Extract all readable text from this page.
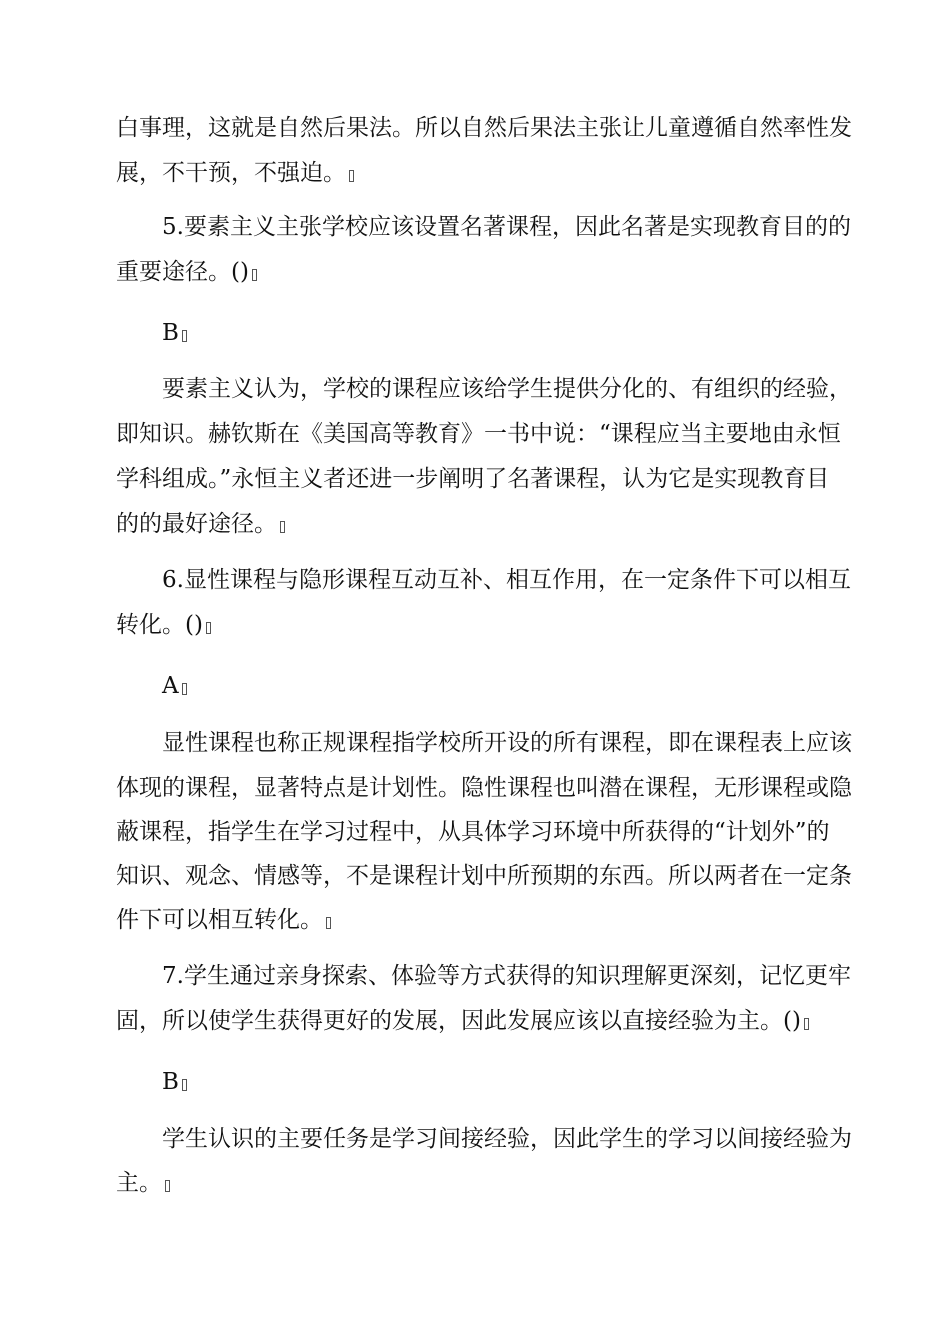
白事理，这就是自然后果法。所以自然后果法主张让儿童遵循自然率性发
展，不干预，不强迫。
5.要素主义主张学校应该设置名著课程，因此名著是实现教育目的的
重要途径。()
B
要素主义认为，学校的课程应该给学生提供分化的、有组织的经验，
即知识。赫钦斯在《美国高等教育》一书中说：“课程应当主要地由永恒
学科组成。”永恒主义者还进一步阐明了名著课程，认为它是实现教育目
的的最好途径。
6.显性课程与隐形课程互动互补、相互作用，在一定条件下可以相互
转化。()
A
显性课程也称正规课程指学校所开设的所有课程，即在课程表上应该
体现的课程，显著特点是计划性。隐性课程也叫潜在课程，无形课程或隐
蔽课程，指学生在学习过程中，从具体学习环境中所获得的“计划外”的
知识、观念、情感等，不是课程计划中所预期的东西。所以两者在一定条
件下可以相互转化。
7.学生通过亲身探索、体验等方式获得的知识理解更深刻，记忆更牢
固，所以使学生获得更好的发展，因此发展应该以直接经验为主。()
B
学生认识的主要任务是学习间接经验，因此学生的学习以间接经验为
主。
